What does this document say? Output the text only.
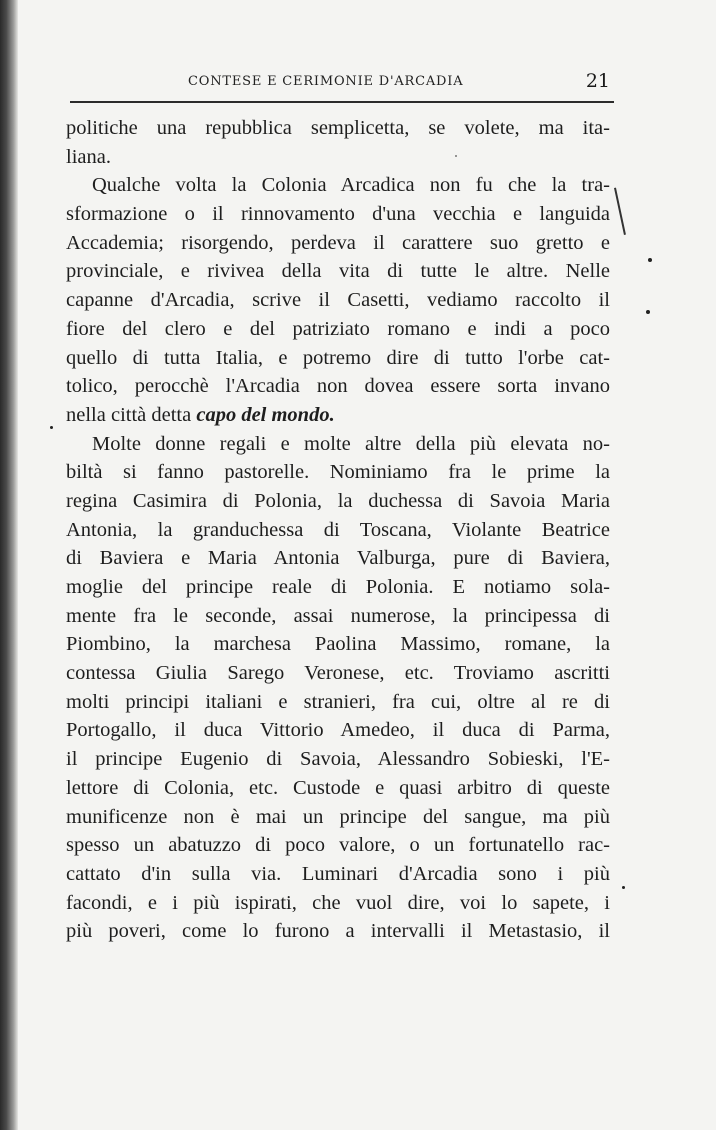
CONTESE E CERIMONIE D'ARCADIA	21
politiche una repubblica semplicetta, se volete, ma ita-
liana.
Qualche volta la Colonia Arcadica non fu che la tra-
sformazione o il rinnovamento d'una vecchia e languida
Accademia; risorgendo, perdeva il carattere suo gretto e
provinciale, e rivivea della vita di tutte le altre. Nelle
capanne d'Arcadia, scrive il Casetti, vediamo raccolto il
fiore del clero e del patriziato romano e indi a poco
quello di tutta Italia, e potremo dire di tutto l'orbe cat-
tolico, perocchè l'Arcadia non dovea essere sorta invano
nella città detta capo del mondo.
Molte donne regali e molte altre della più elevata no-
biltà si fanno pastorelle. Nominiamo fra le prime la
regina Casimira di Polonia, la duchessa di Savoia Maria
Antonia, la granduchessa di Toscana, Violante Beatrice
di Baviera e Maria Antonia Valburga, pure di Baviera,
moglie del principe reale di Polonia. E notiamo sola-
mente fra le seconde, assai numerose, la principessa di
Piombino, la marchesa Paolina Massimo, romane, la
contessa Giulia Sarego Veronese, etc. Troviamo ascritti
molti principi italiani e stranieri, fra cui, oltre al re di
Portogallo, il duca Vittorio Amedeo, il duca di Parma,
il principe Eugenio di Savoia, Alessandro Sobieski, l'E-
lettore di Colonia, etc. Custode e quasi arbitro di queste
munificenze non è mai un principe del sangue, ma più
spesso un abatuzzo di poco valore, o un fortunatello rac-
cattato d'in sulla via. Luminari d'Arcadia sono i più
facondi, e i più ispirati, che vuol dire, voi lo sapete, i
più poveri, come lo furono a intervalli il Metastasio, il
